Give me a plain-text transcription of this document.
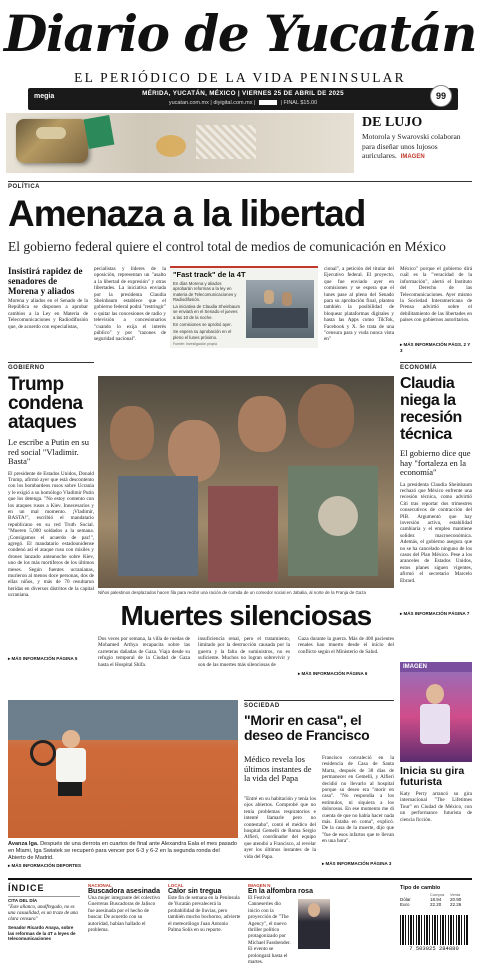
Diario de Yucatán
EL PERIÓDICO DE LA VIDA PENINSULAR
megia	MÉRIDA, YUCATÁN, MÉXICO | VIERNES 25 DE ABRIL DE 2025
yucatan.com.mx | diyigital.com.mx |	| FINAL $15.00
99
DE LUJO
Motorola y Swarovski colaboran para diseñar unos lujosos auriculares. IMAGEN
POLÍTICA
Amenaza a la libertad
El gobierno federal quiere el control total de medios de comunicación en México
Insistirá rapidez de senadores de Morena y aliados
Morena y aliados en el Senado de la República se disponen a aprobar cambios a la Ley en Materia de Telecomunicaciones y Radiodifusión que, de acuerdo con especialistas,
pecialistas y líderes de la oposición, representan un "asalto a la libertad de expresión" y otras libertades. La iniciativa enviada por la presidenta Claudia Sheinbaum establece que el gobierno federal podrá "restringir" o quitar las concesiones de radio y televisión a concesionarios "cuando lo exija el interés público" y por "razones de seguridad nacional".
"Fast track" de la 4T
En días Morena y aliados aprobarán reformas a la ley en materia de Telecomunicaciones y Radiodifusión.
La iniciativa de Claudia Sheinbaum se enviará en el Senado el jueves a las 10 de la noche.
En comisiones se aprobó ayer.
Se espera su aprobación en el pleno el lunes próximo.
Fuente: Investigación propia
cional", a petición del titular del Ejecutivo federal. El proyecto, que fue enviado ayer en comisiones y se espera que el lunes pase al pleno del Senado para su aprobación final, plantea también la posibilidad de bloquear plataformas digitales y hasta las Apps como TikTok, Facebook y X. Se trata de una "censura para y vuda nunca vista en"
México" porque el gobierno dirá cuál es la "veracidad de la información", alertó el Instituto del Derecho de las Telecomunicaciones. Ayer mismo la Sociedad Interamericana de Prensa advirtió sobre el debilitamiento de las libertades en países con gobiernos autoritarios.
▸ MÁS INFORMACIÓN PÁGS. 2 Y 3
GOBIERNO
Trump condena ataques
Le escribe a Putin en su red social "Vladimir. Basta"
El presidente de Estados Unidos, Donald Trump, afirmó ayer que está descontento con los bombardeos rusos sobre Ucrania y le exigió a su homólogo Vladimir Putin que los detenga. "No estoy contento con los ataques rusos a Kiev. Innecesarios y en un mal momento. ¡Vladimir, BASTA!", escribió el mandatario republicano en su red Truth Social. "Mueren 5,000 soldados a la semana. ¡Consigamos el acuerdo de paz!", agregó. El mandatario estadounidense condenó así el ataque ruso con misiles y drones lanzado anteanoche sobre Kiev, uno de los más mortíferos de los últimos meses. Según fuentes ucranianas, murieron al menos doce personas, dos de ellas niños, y más de 70 resultaron heridas en diversos distritos de la capital ucraniana.
▸ MÁS INFORMACIÓN PÁGINA 5
Niños palestinos desplazados hacen fila para recibir una ración de comida de un comedor social en Jabalia, al norte de la Franja de Gaza
Muertes silenciosas
Dos veces por semana, la villa de ruedas de Mohamed Arthya recapacita sobre las carreteras dañadas de Gaza. Viaja desde su refugio temporal de la Ciudad de Gaza hasta el Hospital Shifa.
insuficiencia renal, pero el tratamiento, limitado por la destrucción causada por la guerra y la falta de suministros, no es suficiente. Muchos no logran sobrevivir y son de las muertes más silenciosas de
Gaza durante la guerra. Más de 400 pacientes renales han muerto desde el inicio del conflicto según el Ministerio de Salud.
▸ MÁS INFORMACIÓN PÁGINA 6
ECONOMÍA
Claudia niega la recesión técnica
El gobierno dice que hay "fortaleza en la economía"
La presidenta Claudia Sheinbaum rechazó que México enfrente una recesión técnica, como advirtió Citi tras reportar dos trimestres consecutivos de contracción del PIB. Argumentó que hay inversión activa, estabilidad cambiaria y el empleo mantiene solidez macroeconómica. Además, el gobierno asegura que no se ha cancelado ninguno de los casos del Plan México. Pese a los aranceles de Estados Unidos, estos planes siguen vigentes, afirmó el secretario Marcelo Ebrard.
▸ MÁS INFORMACIÓN PÁGINA 7
IMAGEN
Inicia su gira futurista
Katy Perry arrancó su gira internacional "The Lifetimes Tour" en Ciudad de México, con un performance futurista de ciencia ficción.
Avanza Iga. Después de una derrota en cuartos de final ante Alexandra Eala el mes pasado en Miami, Iga Swiatek se recuperó para vencer por 6-3 y 6-2 en la segunda ronda del Abierto de Madrid.
▸ MÁS INFORMACIÓN DEPORTES
SOCIEDAD
"Morir en casa", el deseo de Francisco
Médico revela los últimos instantes de la vida del Papa
"Entré en su habitación y tenía los ojos abiertos. Comprobé que no tenía problemas respiratorios e intenté llamarle pero no contestaba", contó el médico del hospital Gemelli de Roma Sergio Alfieri, coordinador del equipo que atendió a Francisco, al revelar ayer los últimos instantes de la vida del Papa.
Francisco convaleció en la residencia de Casa de Santa Marta, después de 38 días de permanecer en Gemelli, y Alfieri decidió no llevarlo al hospital porque su deseo era "morir en casa". "No respondía a los estímulos, ni siquiera a los dolorosos. En ese momento me di cuenta de que no había hacer nada más. Estaba en coma", explicó. De la casa de la muerte, dijo que "fue de esos infartos que te llevan en una hora".
▸ MÁS INFORMACIÓN PÁGINA 3
ÍNDICE
CITA DEL DÍA
"Este allanco, analfregado, no es una casualidad, es un trazo de una clara censura"
Senador Ricardo Anaya, sobre las reformas de la 4T a leyes de telecomunicaciones
NACIONAL
Buscadora asesinada
Una mujer integrante del colectivo Guerreras Buscadoras de Jalisco fue asesinada por el hecho de buscar. De acuerdo con su autoridad, habían hallado el problema.
LOCAL
Calor sin tregua
Este fin de semana en la Península de Yucatán prevalecerá la probabilidad de lluvias, pero también mucho bochorno, advierte el meteorólogo Juan Antonio Palma Solís en su reporte.
IMAGEN N
En la alfombra rosa
El Festival Canneseries dio inicio con la proyección de "The Agency", el nuevo thriller político protagonizado por Michael Fassbender. El evento se prolongará hasta el martes.
Tipo de cambio
Compra	Venta
Dólar	18.94	20.90
Euro	22.20	22.26
7 503025 284880
